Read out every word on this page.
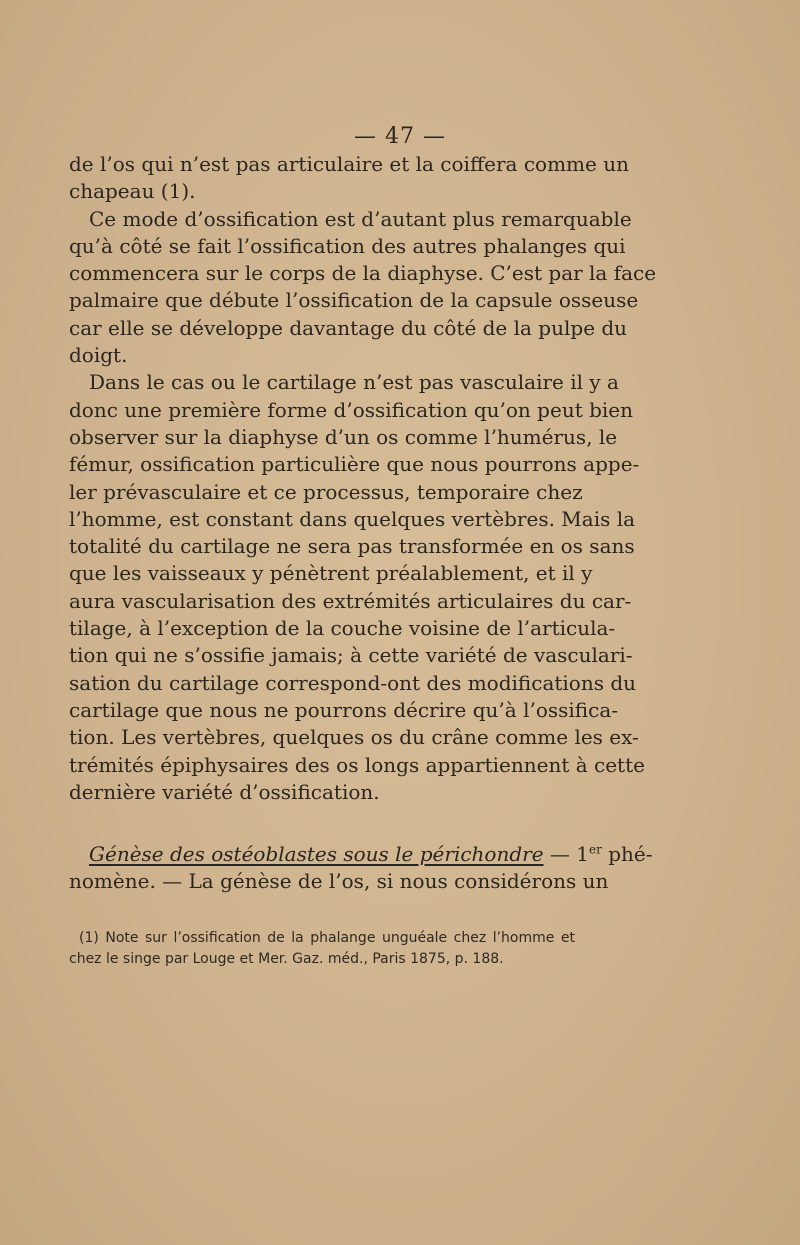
— 47 —
de l’os qui n’est pas articulaire et la coiffera comme un
chapeau (1).
Ce mode d’ossification est d’autant plus remarquable
qu’à côté se fait l’ossification des autres phalanges qui
commencera sur le corps de la diaphyse. C’est par la face
palmaire que débute l’ossification de la capsule osseuse
car elle se développe davantage du côté de la pulpe du
doigt.
Dans le cas ou le cartilage n’est pas vasculaire il y a
donc une première forme d’ossification qu’on peut bien
observer sur la diaphyse d’un os comme l’humérus, le
fémur, ossification particulière que nous pourrons appe-
ler prévasculaire et ce processus, temporaire chez
l’homme, est constant dans quelques vertèbres. Mais la
totalité du cartilage ne sera pas transformée en os sans
que les vaisseaux y pénètrent préalablement, et il y
aura vascularisation des extrémités articulaires du car-
tilage, à l’exception de la couche voisine de l’articula-
tion qui ne s’ossifie jamais; à cette variété de vasculari-
sation du cartilage correspond-ont des modifications du
cartilage que nous ne pourrons décrire qu’à l’ossifica-
tion. Les vertèbres, quelques os du crâne comme les ex-
trémités épiphysaires des os longs appartiennent à cette
dernière variété d’ossification.
Génèse des ostéoblastes sous le périchondre — 1er phé-
nomène. — La génèse de l’os, si nous considérons un
(1) Note sur l’ossification de la phalange unguéale chez l’homme et
chez le singe par Louge et Mer. Gaz. méd., Paris 1875, p. 188.
